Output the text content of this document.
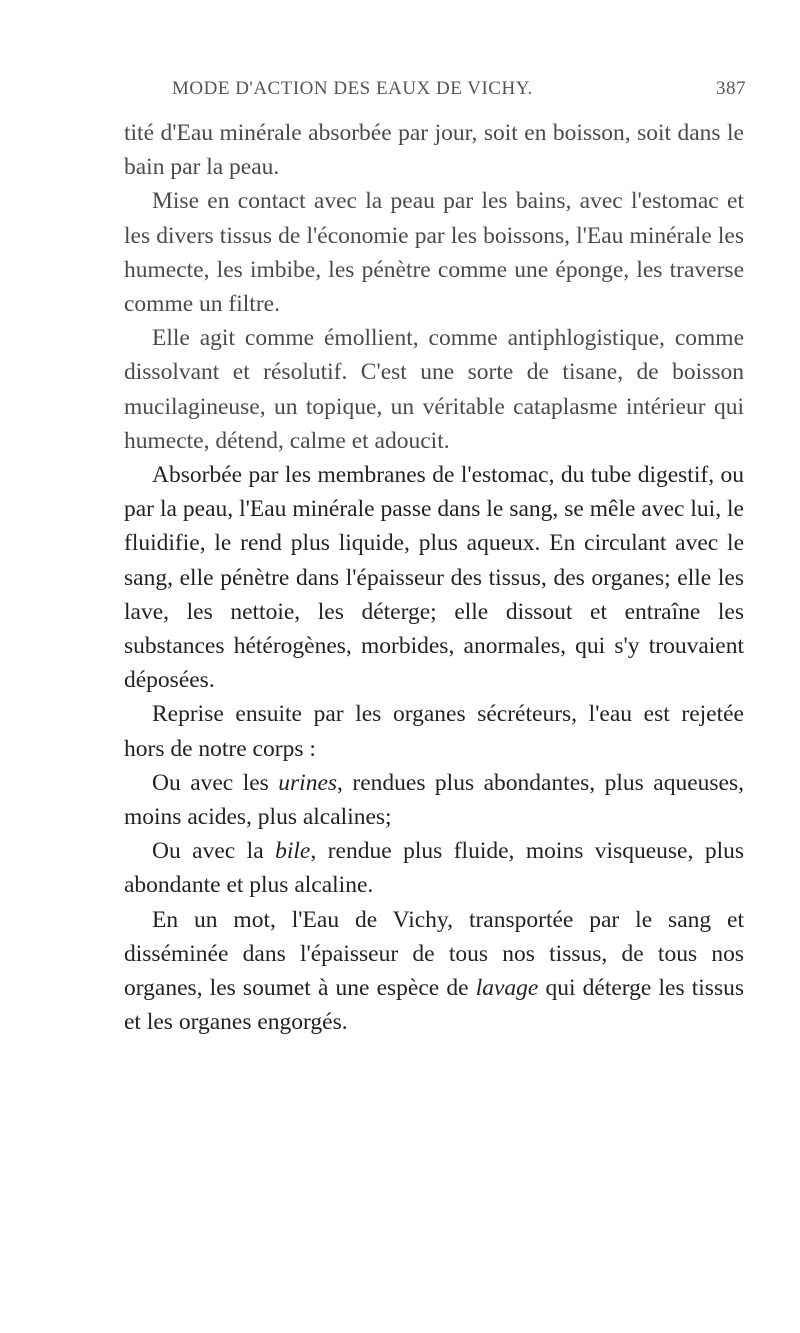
MODE D'ACTION DES EAUX DE VICHY.	387

tité d'Eau minérale absorbée par jour, soit en boisson, soit dans le bain par la peau.

Mise en contact avec la peau par les bains, avec l'estomac et les divers tissus de l'économie par les boissons, l'Eau minérale les humecte, les imbibe, les pénètre comme une éponge, les traverse comme un filtre.

Elle agit comme émollient, comme antiphlogistique, comme dissolvant et résolutif. C'est une sorte de tisane, de boisson mucilagineuse, un topique, un véritable cataplasme intérieur qui humecte, détend, calme et adoucit.

Absorbée par les membranes de l'estomac, du tube digestif, ou par la peau, l'Eau minérale passe dans le sang, se mêle avec lui, le fluidifie, le rend plus liquide, plus aqueux. En circulant avec le sang, elle pénètre dans l'épaisseur des tissus, des organes; elle les lave, les nettoie, les déterge; elle dissout et entraîne les substances hétérogènes, morbides, anormales, qui s'y trouvaient déposées.

Reprise ensuite par les organes sécréteurs, l'eau est rejetée hors de notre corps :

Ou avec les urines, rendues plus abondantes, plus aqueuses, moins acides, plus alcalines;

Ou avec la bile, rendue plus fluide, moins visqueuse, plus abondante et plus alcaline.

En un mot, l'Eau de Vichy, transportée par le sang et disséminée dans l'épaisseur de tous nos tissus, de tous nos organes, les soumet à une espèce de lavage qui déterge les tissus et les organes engorgés.
